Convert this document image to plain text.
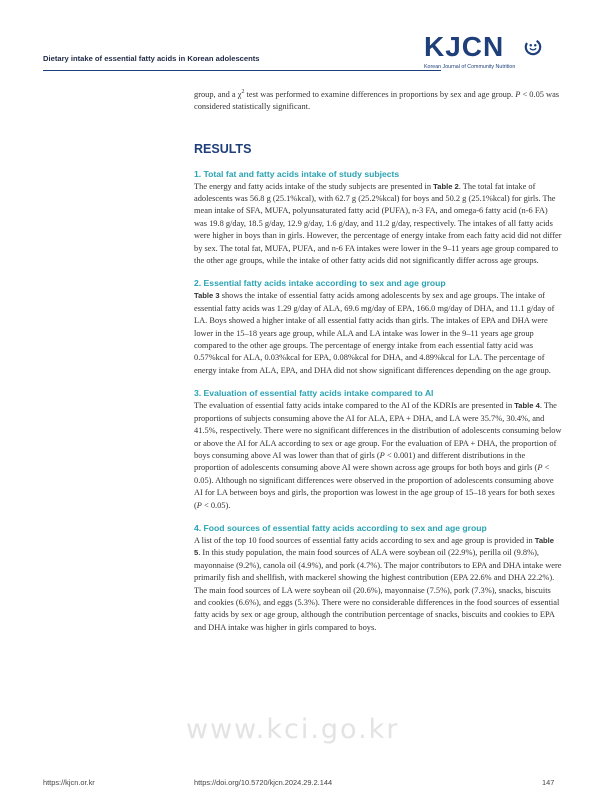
Dietary intake of essential fatty acids in Korean adolescents	KJCN
Korean Journal of Community Nutrition

group, and a $\chi^2$ test was performed to examine differences in proportions by sex and age group. P < 0.05 was considered statistically significant.

RESULTS
1. Total fat and fatty acids intake of study subjects

The energy and fatty acids intake of the study subjects are presented in Table 2. The total fat intake of adolescents was 56.8 g (25.1%kcal), with 62.7 g (25.2%kcal) for boys and 50.2 g (25.1%kcal) for girls. The mean intake of SFA, MUFA, polyunsaturated fatty acid (PUFA), n-3 FA, and omega-6 fatty acid (n-6 FA) was 19.8 g/day, 18.5 g/day, 12.9 g/day, 1.6 g/day, and 11.2 g/day, respectively. The intakes of all fatty acids were higher in boys than in girls. However, the percentage of energy intake from each fatty acid did not differ by sex. The total fat, MUFA, PUFA, and n-6 FA intakes were lower in the 9–11 years age group compared to the other age groups, while the intake of other fatty acids did not significantly differ across age groups.

2. Essential fatty acids intake according to sex and age group

Table 3 shows the intake of essential fatty acids among adolescents by sex and age groups. The intake of essential fatty acids was 1.29 g/day of ALA, 69.6 mg/day of EPA, 166.0 mg/day of DHA, and 11.1 g/day of LA. Boys showed a higher intake of all essential fatty acids than girls. The intakes of EPA and DHA were lower in the 15–18 years age group, while ALA and LA intake was lower in the 9–11 years age group compared to the other age groups. The percentage of energy intake from each essential fatty acid was 0.57%kcal for ALA, 0.03%kcal for EPA, 0.08%kcal for DHA, and 4.89%kcal for LA. The percentage of energy intake from ALA, EPA, and DHA did not show significant differences depending on the age group.

3. Evaluation of essential fatty acids intake compared to AI

The evaluation of essential fatty acids intake compared to the AI of the KDRIs are presented in Table 4. The proportions of subjects consuming above the AI for ALA, EPA + DHA, and LA were 35.7%, 30.4%, and 41.5%, respectively. There were no significant differences in the distribution of adolescents consuming below or above the AI for ALA according to sex or age group. For the evaluation of EPA + DHA, the proportion of boys consuming above AI was lower than that of girls (P < 0.001) and different distributions in the proportion of adolescents consuming above AI were shown across age groups for both boys and girls (P < 0.05). Although no significant differences were observed in the proportion of adolescents consuming above AI for LA between boys and girls, the proportion was lowest in the age group of 15–18 years for both sexes (P < 0.05).

4. Food sources of essential fatty acids according to sex and age group

A list of the top 10 food sources of essential fatty acids according to sex and age group is provided in Table 5. In this study population, the main food sources of ALA were soybean oil (22.9%), perilla oil (9.8%), mayonnaise (9.2%), canola oil (4.9%), and pork (4.7%). The major contributors to EPA and DHA intake were primarily fish and shellfish, with mackerel showing the highest contribution (EPA 22.6% and DHA 22.2%). The main food sources of LA were soybean oil (20.6%), mayonnaise (7.5%), pork (7.3%), snacks, biscuits and cookies (6.6%), and eggs (5.3%). There were no considerable differences in the food sources of essential fatty acids by sex or age group, although the contribution percentage of snacks, biscuits and cookies to EPA and DHA intake was higher in girls compared to boys.

www.kci.go.kr
https://kjcn.or.kr	https://doi.org/10.5720/kjcn.2024.29.2.144	147
